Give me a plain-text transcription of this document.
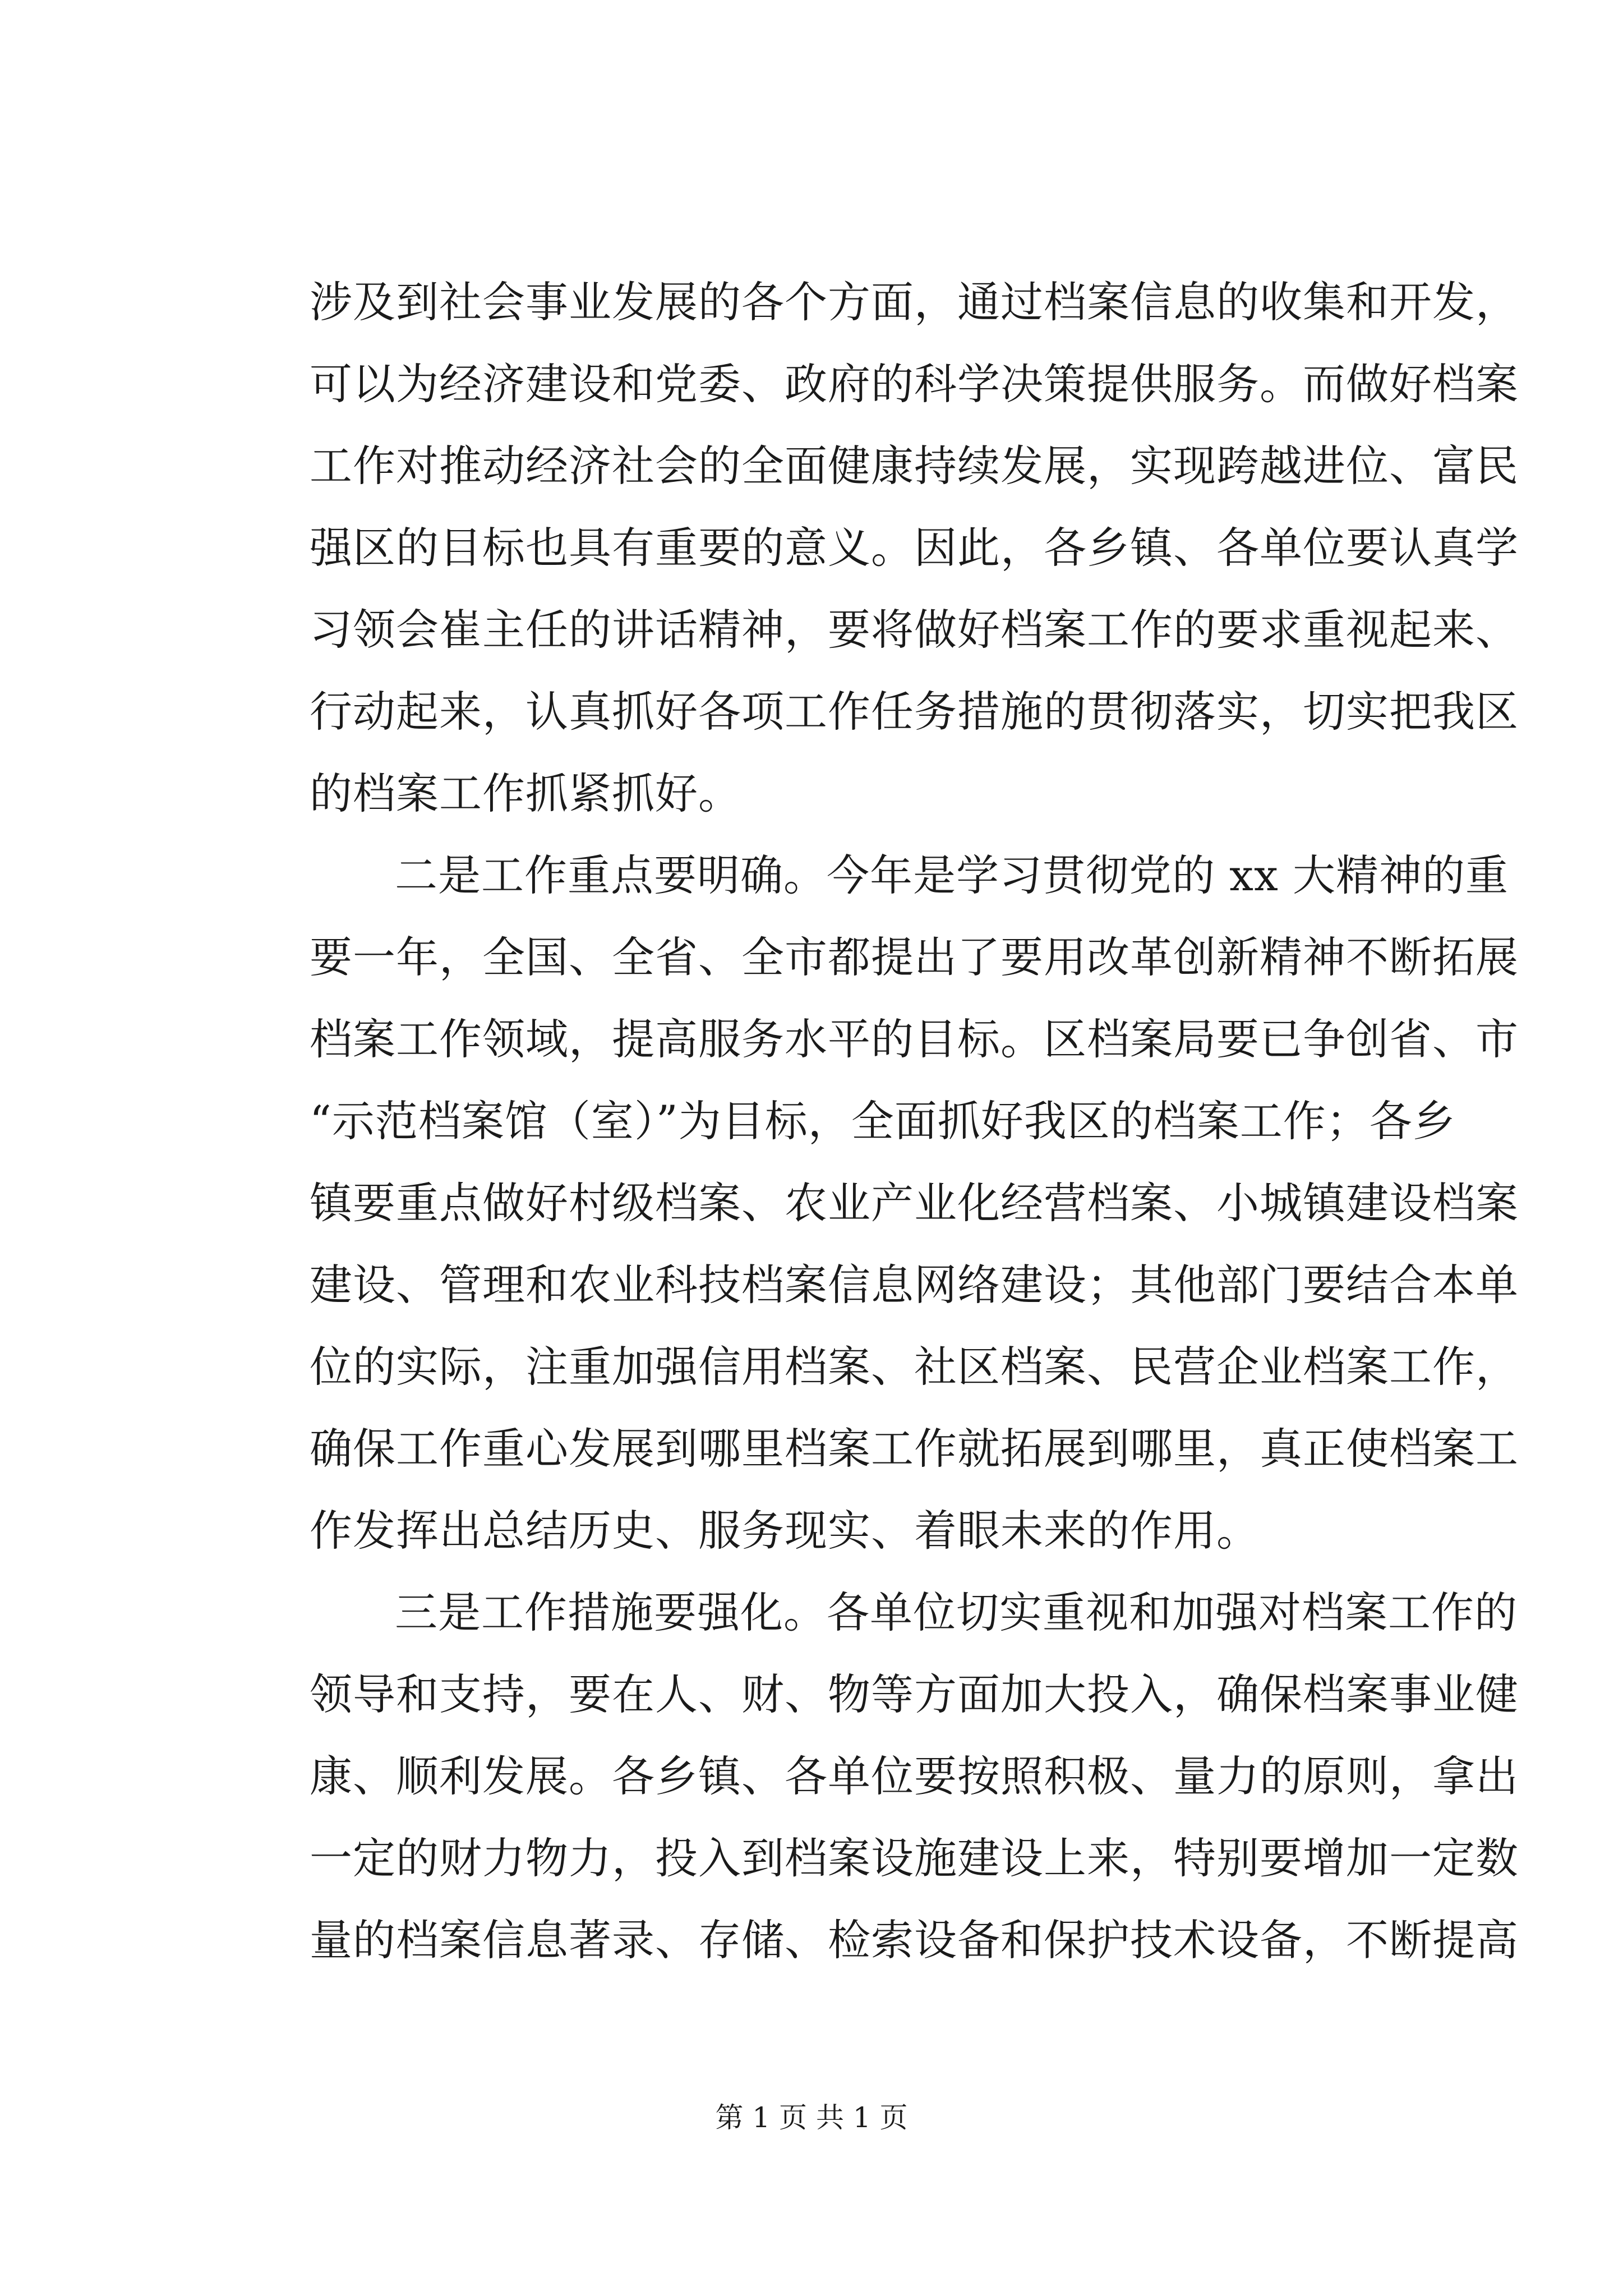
涉及到社会事业发展的各个方面，通过档案信息的收集和开发，
可以为经济建设和党委、政府的科学决策提供服务。而做好档案
工作对推动经济社会的全面健康持续发展，实现跨越进位、富民
强区的目标也具有重要的意义。因此，各乡镇、各单位要认真学
习领会崔主任的讲话精神，要将做好档案工作的要求重视起来、
行动起来，认真抓好各项工作任务措施的贯彻落实，切实把我区
的档案工作抓紧抓好。
二是工作重点要明确。今年是学习贯彻党的 xx 大精神的重
要一年，全国、全省、全市都提出了要用改革创新精神不断拓展
档案工作领域，提高服务水平的目标。区档案局要已争创省、市
“示范档案馆（室）”为目标，全面抓好我区的档案工作；各乡
镇要重点做好村级档案、农业产业化经营档案、小城镇建设档案
建设、管理和农业科技档案信息网络建设；其他部门要结合本单
位的实际，注重加强信用档案、社区档案、民营企业档案工作，
确保工作重心发展到哪里档案工作就拓展到哪里，真正使档案工
作发挥出总结历史、服务现实、着眼未来的作用。
三是工作措施要强化。各单位切实重视和加强对档案工作的
领导和支持，要在人、财、物等方面加大投入，确保档案事业健
康、顺利发展。各乡镇、各单位要按照积极、量力的原则，拿出
一定的财力物力，投入到档案设施建设上来，特别要增加一定数
量的档案信息著录、存储、检索设备和保护技术设备，不断提高
第 1 页 共 1 页
